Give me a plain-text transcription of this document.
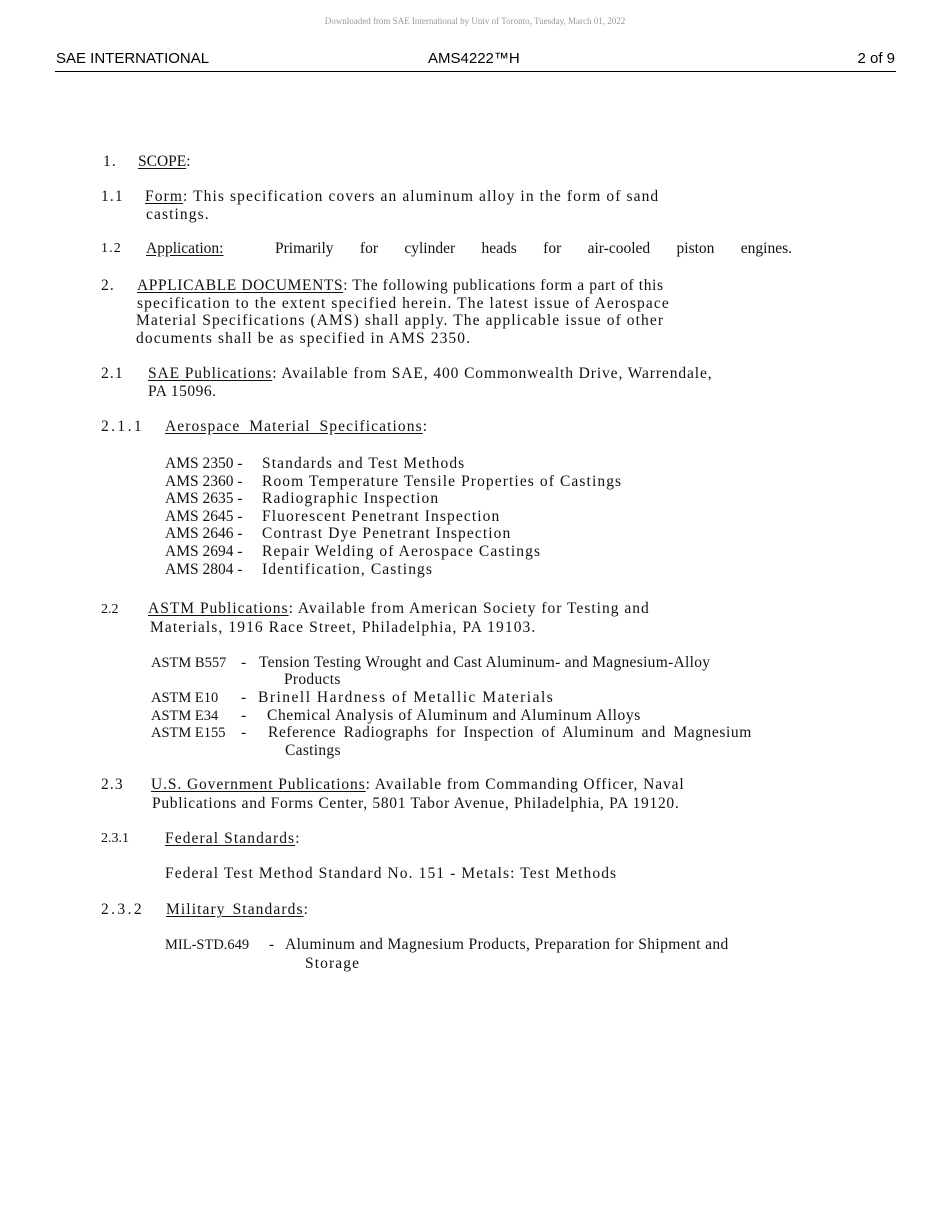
Downloaded from SAE International by Univ of Toronto, Tuesday, March 01, 2022
SAE INTERNATIONAL	AMS4222™H	2 of 9
1. SCOPE:
1.1 Form: This specification covers an aluminum alloy in the form of sand
castings.
1.2 Application:	Primarily for cylinder heads for air-cooled piston engines.
2. APPLICABLE DOCUMENTS: The following publications form a part of this
specification to the extent specified herein. The latest issue of Aerospace
Material Specifications (AMS) shall apply. The applicable issue of other
documents shall be as specified in AMS 2350.
2.1 SAE Publications: Available from SAE, 400 Commonwealth Drive, Warrendale,
PA 15096.
2.1.1 Aerospace Material Specifications:
AMS 2350 - Standards and Test Methods
AMS 2360 - Room Temperature Tensile Properties of Castings
AMS 2635 - Radiographic Inspection
AMS 2645 - Fluorescent Penetrant Inspection
AMS 2646 - Contrast Dye Penetrant Inspection
AMS 2694 - Repair Welding of Aerospace Castings
AMS 2804 - Identification, Castings
2.2 ASTM Publications: Available from American Society for Testing and
Materials, 1916 Race Street, Philadelphia, PA 19103.
ASTM B557 - Tension Testing Wrought and Cast Aluminum- and Magnesium-Alloy
Products
ASTM E10 - Brinell Hardness of Metallic Materials
ASTM E34 - Chemical Analysis of Aluminum and Aluminum Alloys
ASTM E155 - Reference Radiographs for Inspection of Aluminum and Magnesium
Castings
2.3 U.S. Government Publications: Available from Commanding Officer, Naval
Publications and Forms Center, 5801 Tabor Avenue, Philadelphia, PA 19120.
2.3.1 Federal Standards:
Federal Test Method Standard No. 151 - Metals: Test Methods
2.3.2 Military Standards:
MIL-STD.649 - Aluminum and Magnesium Products, Preparation for Shipment and
Storage
